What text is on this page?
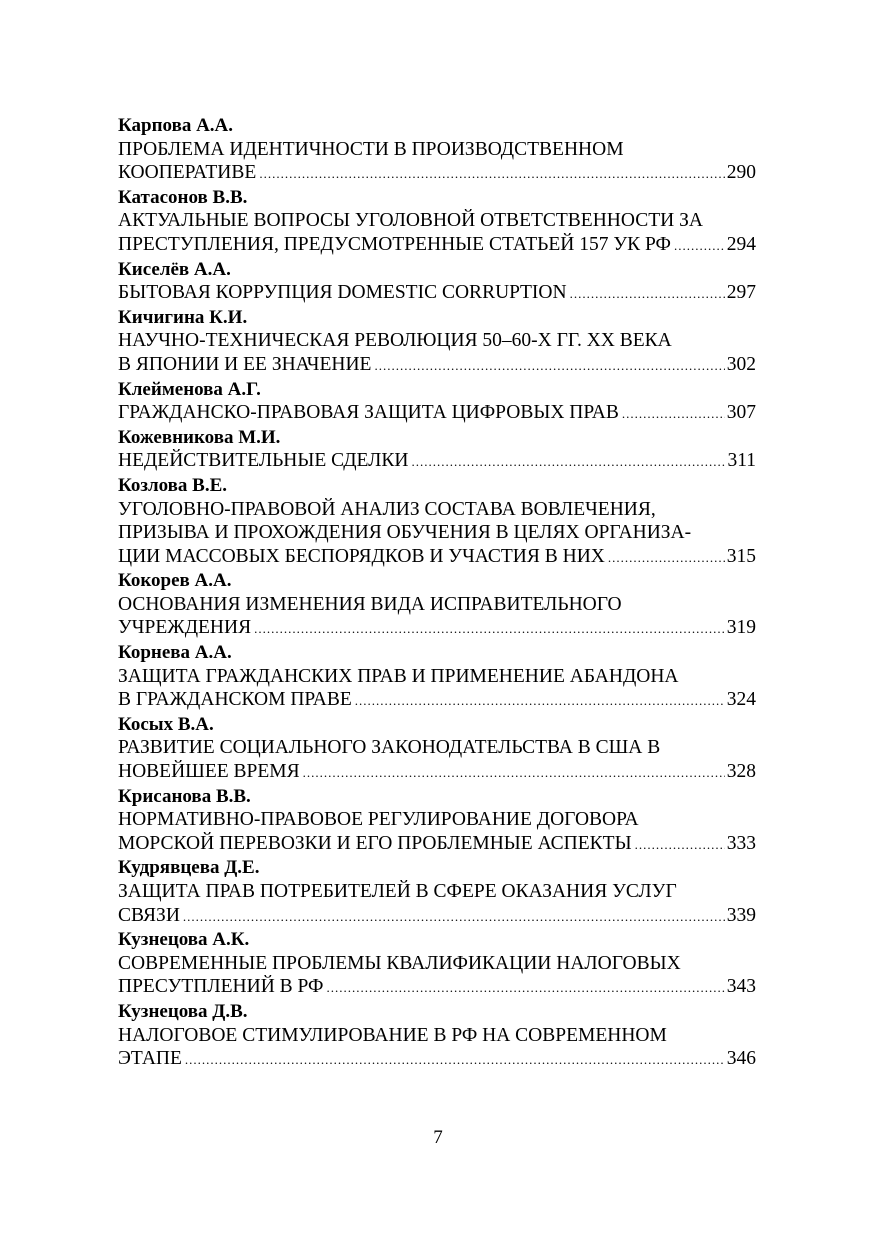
Карпова А.А.
ПРОБЛЕМА ИДЕНТИЧНОСТИ В ПРОИЗВОДСТВЕННОМ
КООПЕРАТИВЕ .....	290
Катасонов В.В.
АКТУАЛЬНЫЕ ВОПРОСЫ УГОЛОВНОЙ ОТВЕТСТВЕННОСТИ ЗА
ПРЕСТУПЛЕНИЯ, ПРЕДУСМОТРЕННЫЕ СТАТЬЕЙ 157 УК РФ .....	294
Киселёв А.А.
БЫТОВАЯ КОРРУПЦИЯ DOMESTIC CORRUPTION .....	297
Кичигина К.И.
НАУЧНО-ТЕХНИЧЕСКАЯ РЕВОЛЮЦИЯ 50–60-Х ГГ. XX ВЕКА
В ЯПОНИИ И ЕЕ ЗНАЧЕНИЕ .....	302
Клейменова А.Г.
ГРАЖДАНСКО-ПРАВОВАЯ ЗАЩИТА ЦИФРОВЫХ ПРАВ .....	307
Кожевникова М.И.
НЕДЕЙСТВИТЕЛЬНЫЕ СДЕЛКИ .....	311
Козлова В.Е.
УГОЛОВНО-ПРАВОВОЙ АНАЛИЗ СОСТАВА ВОВЛЕЧЕНИЯ,
ПРИЗЫВА И ПРОХОЖДЕНИЯ ОБУЧЕНИЯ В ЦЕЛЯХ ОРГАНИЗА-
ЦИИ МАССОВЫХ БЕСПОРЯДКОВ И УЧАСТИЯ В НИХ .....	315
Кокорев А.А.
ОСНОВАНИЯ ИЗМЕНЕНИЯ ВИДА ИСПРАВИТЕЛЬНОГО
УЧРЕЖДЕНИЯ .....	319
Корнева А.А.
ЗАЩИТА ГРАЖДАНСКИХ ПРАВ И ПРИМЕНЕНИЕ АБАНДОНА
В ГРАЖДАНСКОМ ПРАВЕ .....	324
Косых В.А.
РАЗВИТИЕ СОЦИАЛЬНОГО ЗАКОНОДАТЕЛЬСТВА В США В
НОВЕЙШЕЕ ВРЕМЯ .....	328
Крисанова В.В.
НОРМАТИВНО-ПРАВОВОЕ РЕГУЛИРОВАНИЕ ДОГОВОРА
МОРСКОЙ ПЕРЕВОЗКИ И ЕГО ПРОБЛЕМНЫЕ АСПЕКТЫ .....	333
Кудрявцева Д.Е.
ЗАЩИТА ПРАВ ПОТРЕБИТЕЛЕЙ В СФЕРЕ ОКАЗАНИЯ УСЛУГ
СВЯЗИ .....	339
Кузнецова А.К.
СОВРЕМЕННЫЕ ПРОБЛЕМЫ КВАЛИФИКАЦИИ НАЛОГОВЫХ
ПРЕСУТПЛЕНИЙ В РФ .....	343
Кузнецова Д.В.
НАЛОГОВОЕ СТИМУЛИРОВАНИЕ В РФ НА СОВРЕМЕННОМ
ЭТАПЕ .....	346
7
